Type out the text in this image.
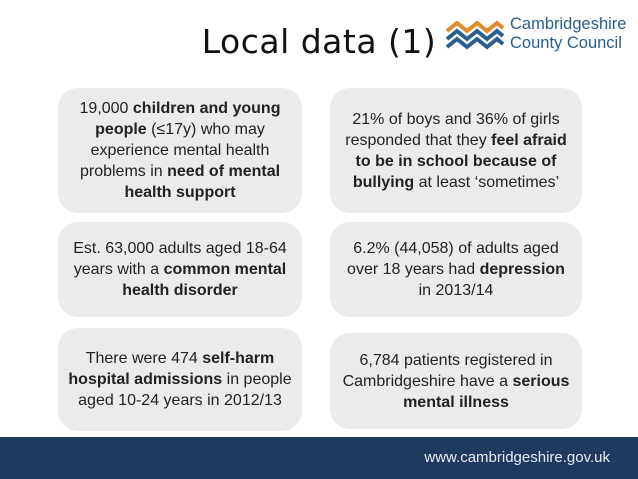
Local data (1)	Cambridgeshire
County Council
19,000 children and young people (≤17y) who may experience mental health problems in need of mental health support
21% of boys and 36% of girls responded that they feel afraid to be in school because of bullying at least ‘sometimes’
Est. 63,000 adults aged 18-64 years with a common mental health disorder
6.2% (44,058) of adults aged over 18 years had depression in 2013/14
There were 474 self-harm hospital admissions in people aged 10-24 years in 2012/13
6,784 patients registered in Cambridgeshire have a serious mental illness
www.cambridgeshire.gov.uk
